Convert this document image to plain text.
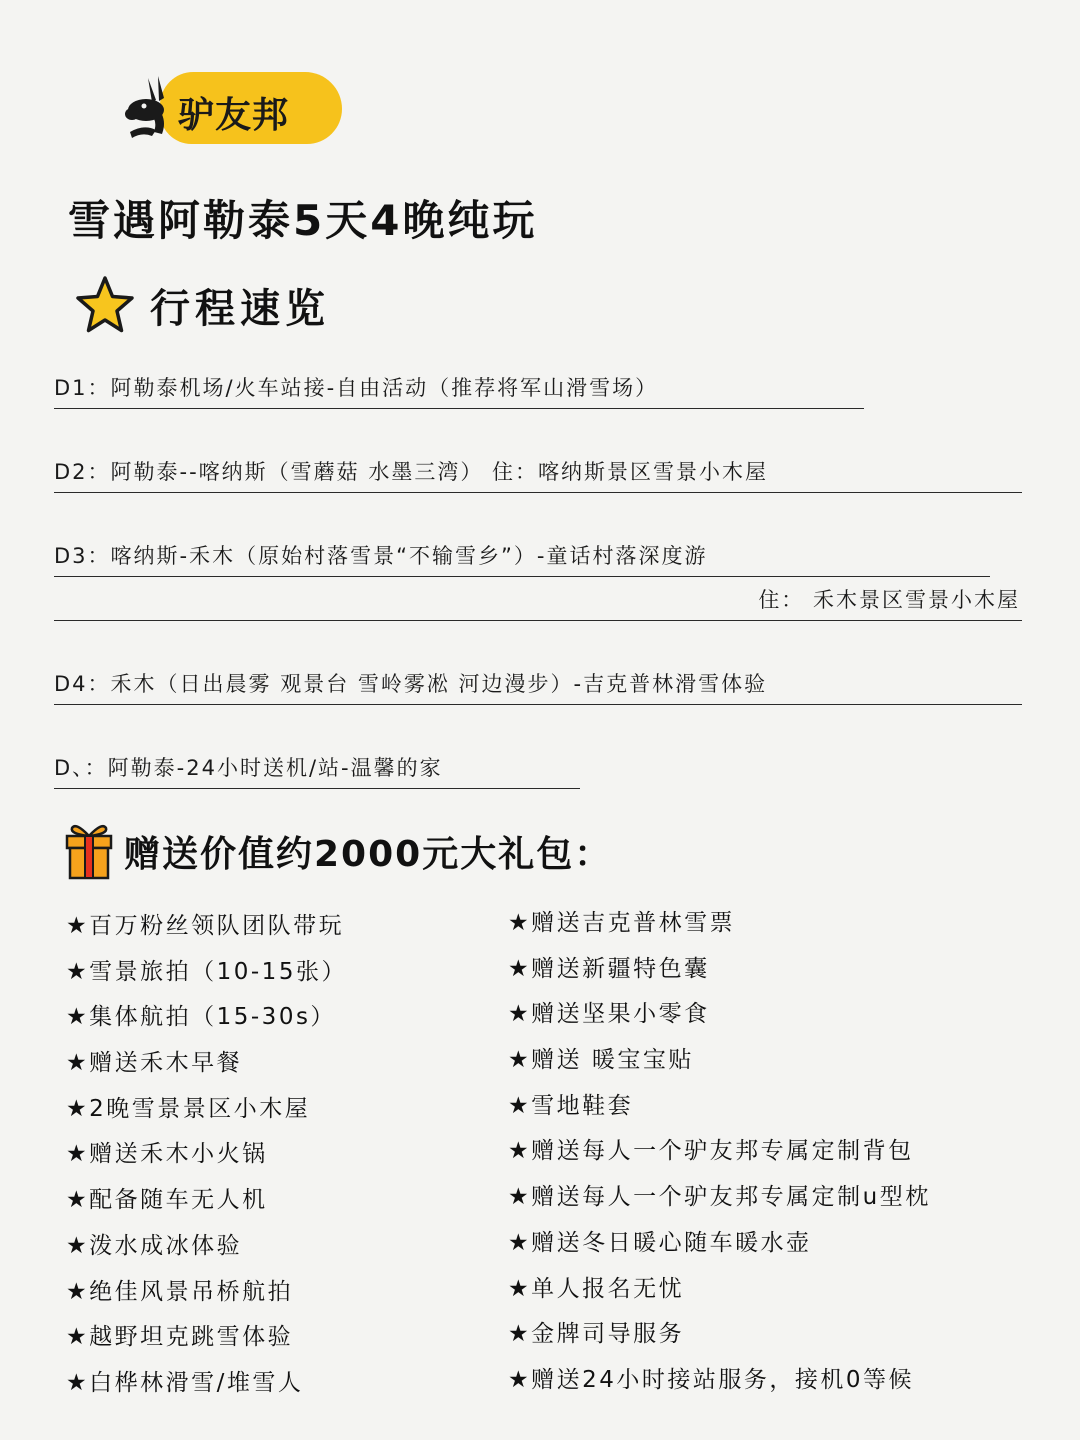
驴友邦
雪遇阿勒泰5天4晚纯玩
行程速览
D1：阿勒泰机场/火车站接-自由活动（推荐将军山滑雪场）
D2：阿勒泰--喀纳斯（雪蘑菇 水墨三湾） 住：喀纳斯景区雪景小木屋
D3：喀纳斯-禾木（原始村落雪景“不输雪乡”）-童话村落深度游
住： 禾木景区雪景小木屋
D4：禾木（日出晨雾 观景台 雪岭雾凇 河边漫步）-吉克普林滑雪体验
D、：阿勒泰-24小时送机/站-温馨的家
赠送价值约2000元大礼包：
★百万粉丝领队团队带玩
★雪景旅拍（10-15张）
★集体航拍（15-30s）
★赠送禾木早餐
★2晚雪景景区小木屋
★赠送禾木小火锅
★配备随车无人机
★泼水成冰体验
★绝佳风景吊桥航拍
★越野坦克跳雪体验
★白桦林滑雪/堆雪人
★赠送吉克普林雪票
★赠送新疆特色囊
★赠送坚果小零食
★赠送 暖宝宝贴
★雪地鞋套
★赠送每人一个驴友邦专属定制背包
★赠送每人一个驴友邦专属定制u型枕
★赠送冬日暖心随车暖水壶
★单人报名无忧
★金牌司导服务
★赠送24小时接站服务，接机0等候
